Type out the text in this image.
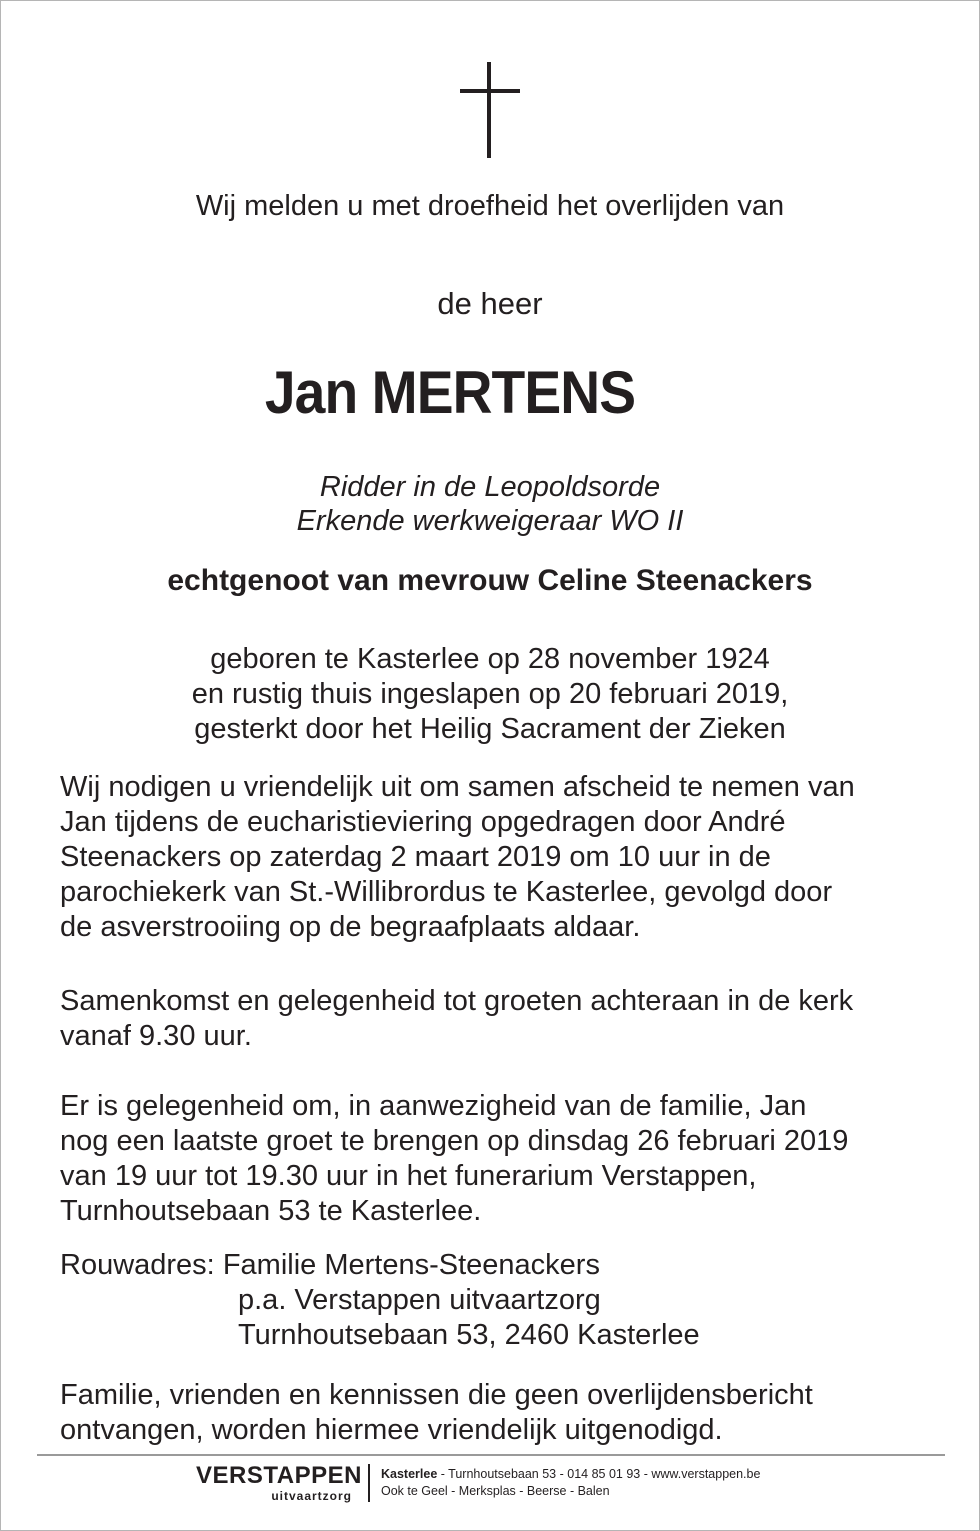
Wij melden u met droefheid het overlijden van
de heer
Jan MERTENS
Ridder in de Leopoldsorde
Erkende werkweigeraar WO II
echtgenoot van mevrouw Celine Steenackers
geboren te Kasterlee op 28 november 1924
en rustig thuis ingeslapen op 20 februari 2019,
gesterkt door het Heilig Sacrament der Zieken
Wij nodigen u vriendelijk uit om samen afscheid te nemen van
Jan tijdens de eucharistieviering opgedragen door André
Steenackers op zaterdag 2 maart 2019 om 10 uur in de
parochiekerk van St.-Willibrordus te Kasterlee, gevolgd door
de asverstrooiing op de begraafplaats aldaar.
Samenkomst en gelegenheid tot groeten achteraan in de kerk
vanaf 9.30 uur.
Er is gelegenheid om, in aanwezigheid van de familie, Jan
nog een laatste groet te brengen op dinsdag 26 februari 2019
van 19 uur tot 19.30 uur in het funerarium Verstappen,
Turnhoutsebaan 53 te Kasterlee.
Rouwadres: Familie Mertens-Steenackers
p.a. Verstappen uitvaartzorg
Turnhoutsebaan 53, 2460 Kasterlee
Familie, vrienden en kennissen die geen overlijdensbericht
ontvangen, worden hiermee vriendelijk uitgenodigd.
VERSTAPPEN
uitvaartzorg
Kasterlee - Turnhoutsebaan 53 - 014 85 01 93 - www.verstappen.be
Ook te Geel - Merksplas - Beerse - Balen
